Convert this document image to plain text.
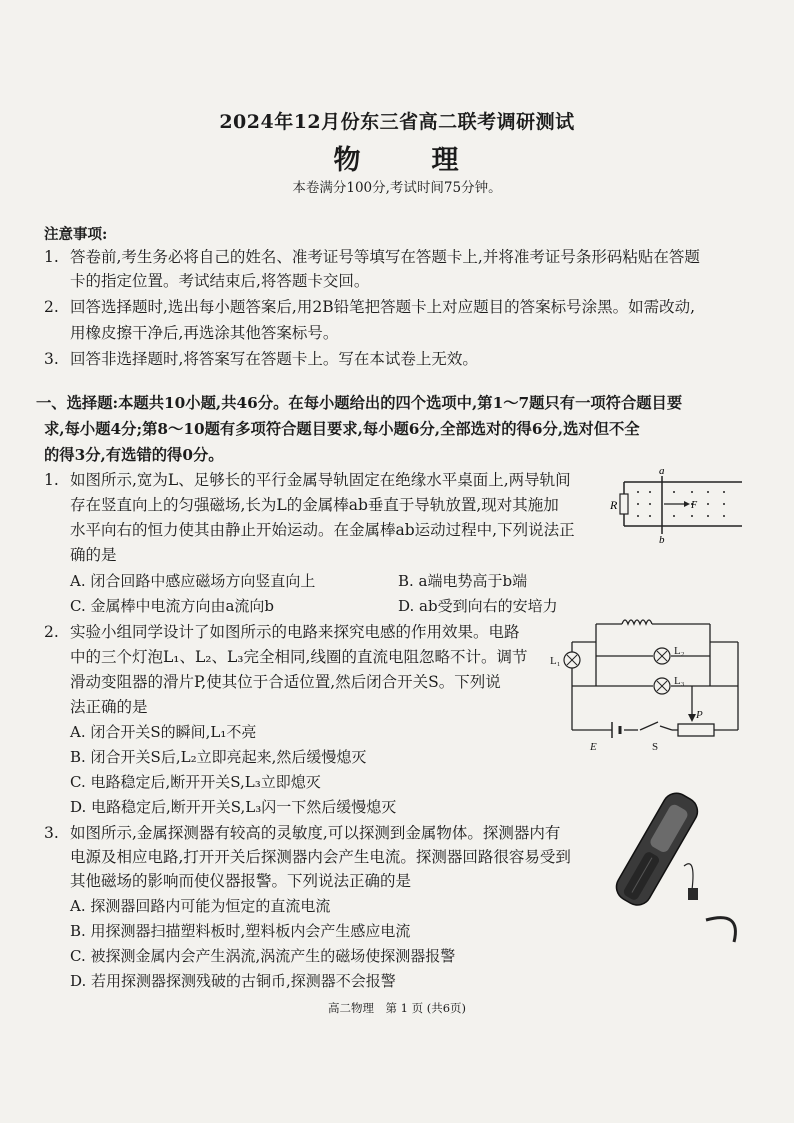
2024年12月份东三省高二联考调研测试
物　理
本卷满分100分,考试时间75分钟。
注意事项:
1. 答卷前,考生务必将自己的姓名、准考证号等填写在答题卡上,并将准考证号条形码粘贴在答题
卡的指定位置。考试结束后,将答题卡交回。
2. 回答选择题时,选出每小题答案后,用2B铅笔把答题卡上对应题目的答案标号涂黑。如需改动,
用橡皮擦干净后,再选涂其他答案标号。
3. 回答非选择题时,将答案写在答题卡上。写在本试卷上无效。
一、选择题:本题共10小题,共46分。在每小题给出的四个选项中,第1～7题只有一项符合题目要
求,每小题4分;第8～10题有多项符合题目要求,每小题6分,全部选对的得6分,选对但不全
的得3分,有选错的得0分。
1. 如图所示,宽为L、足够长的平行金属导轨固定在绝缘水平桌面上,两导轨间
存在竖直向上的匀强磁场,长为L的金属棒ab垂直于导轨放置,现对其施加
水平向右的恒力使其由静止开始运动。在金属棒ab运动过程中,下列说法正
确的是
A. 闭合回路中感应磁场方向竖直向上	B. a端电势高于b端
C. 金属棒中电流方向由a流向b	D. ab受到向右的安培力
a
b
R	F
2. 实验小组同学设计了如图所示的电路来探究电感的作用效果。电路
中的三个灯泡L₁、L₂、L₃完全相同,线圈的直流电阻忽略不计。调节
滑动变阻器的滑片P,使其位于合适位置,然后闭合开关S。下列说
法正确的是
A. 闭合开关S的瞬间,L₁不亮
B. 闭合开关S后,L₂立即亮起来,然后缓慢熄灭
C. 电路稳定后,断开开关S,L₃立即熄灭
D. 电路稳定后,断开开关S,L₃闪一下然后缓慢熄灭
L₁
L₂
L₃
E	S
P
3. 如图所示,金属探测器有较高的灵敏度,可以探测到金属物体。探测器内有
电源及相应电路,打开开关后探测器内会产生电流。探测器回路很容易受到
其他磁场的影响而使仪器报警。下列说法正确的是
A. 探测器回路内可能为恒定的直流电流
B. 用探测器扫描塑料板时,塑料板内会产生感应电流
C. 被探测金属内会产生涡流,涡流产生的磁场使探测器报警
D. 若用探测器探测残破的古铜币,探测器不会报警
高二物理　第 1 页 (共6页)
